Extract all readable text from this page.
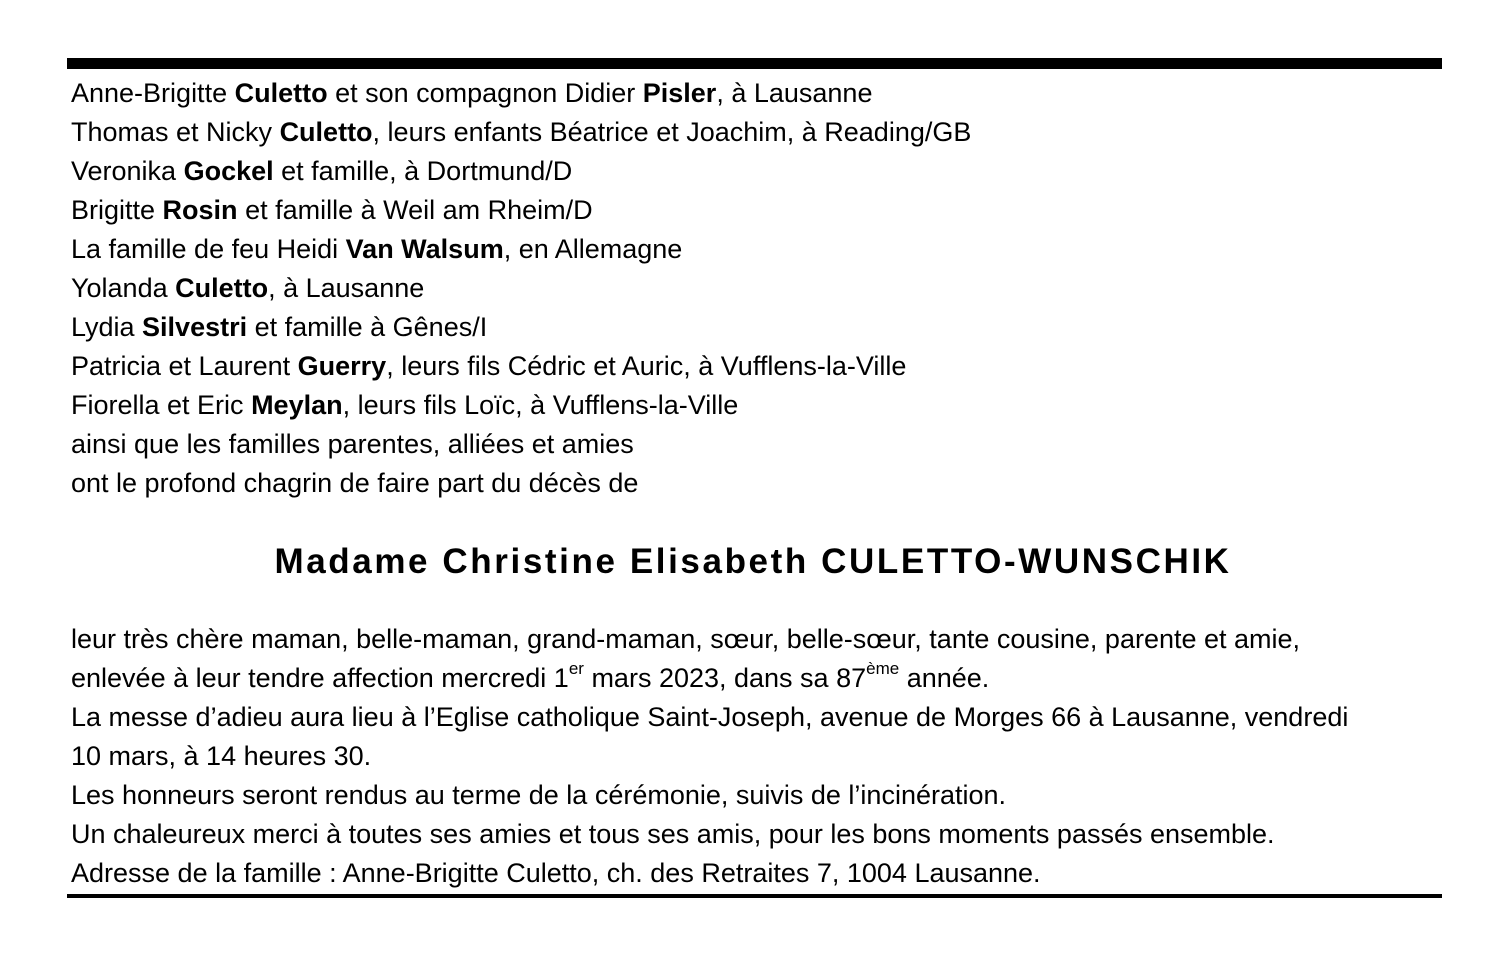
Anne-Brigitte Culetto et son compagnon Didier Pisler, à Lausanne
Thomas et Nicky Culetto, leurs enfants Béatrice et Joachim, à Reading/GB
Veronika Gockel et famille, à Dortmund/D
Brigitte Rosin et famille à Weil am Rheim/D
La famille de feu Heidi Van Walsum, en Allemagne
Yolanda Culetto, à Lausanne
Lydia Silvestri et famille à Gênes/I
Patricia et Laurent Guerry, leurs fils Cédric et Auric, à Vufflens-la-Ville
Fiorella et Eric Meylan, leurs fils Loïc, à Vufflens-la-Ville
ainsi que les familles parentes, alliées et amies
ont le profond chagrin de faire part du décès de
Madame Christine Elisabeth CULETTO-WUNSCHIK
leur très chère maman, belle-maman, grand-maman, sœur, belle-sœur, tante cousine, parente et amie,
enlevée à leur tendre affection mercredi 1er mars 2023, dans sa 87ème année.
La messe d’adieu aura lieu à l’Eglise catholique Saint-Joseph, avenue de Morges 66 à Lausanne, vendredi
10 mars, à 14 heures 30.
Les honneurs seront rendus au terme de la cérémonie, suivis de l’incinération.
Un chaleureux merci à toutes ses amies et tous ses amis, pour les bons moments passés ensemble.
Adresse de la famille : Anne-Brigitte Culetto, ch. des Retraites 7, 1004 Lausanne.
